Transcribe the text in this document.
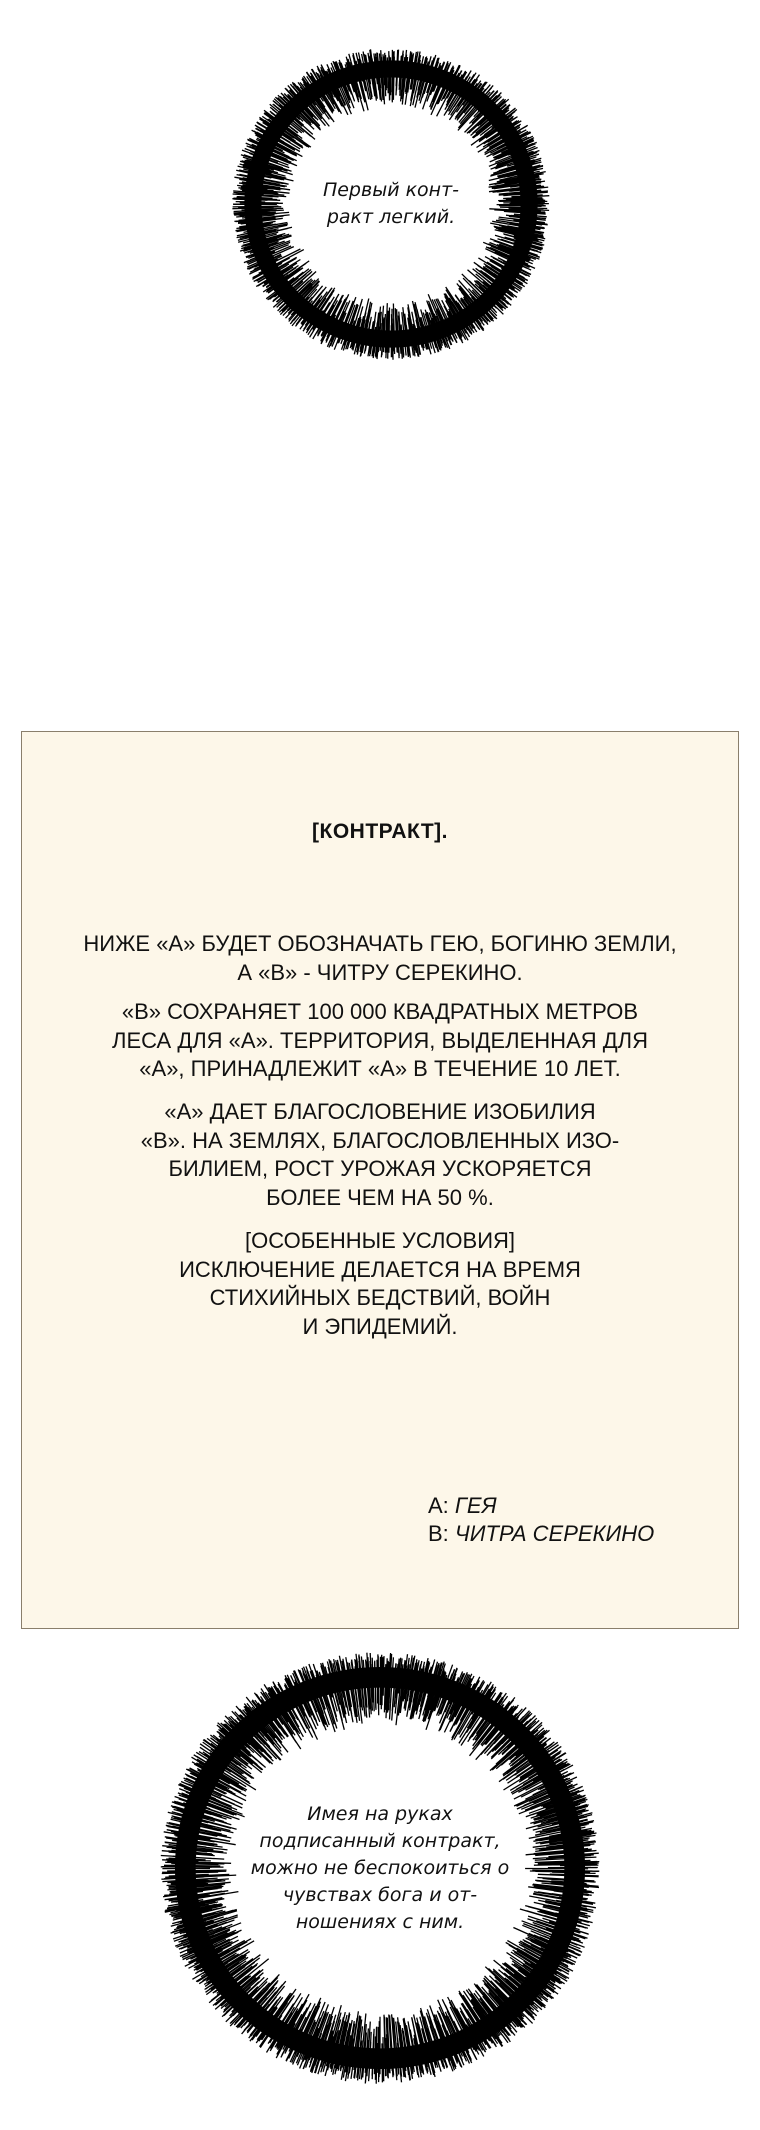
Первый конт-
ракт легкий.
[КОНТРАКТ].
НИЖЕ «А» БУДЕТ ОБОЗНАЧАТЬ ГЕЮ, БОГИНЮ ЗЕМЛИ,
А «В» - ЧИТРУ СЕРЕКИНО.
«В» СОХРАНЯЕТ 100 000 КВАДРАТНЫХ МЕТРОВ
ЛЕСА ДЛЯ «А». ТЕРРИТОРИЯ, ВЫДЕЛЕННАЯ ДЛЯ
«А», ПРИНАДЛЕЖИТ «А» В ТЕЧЕНИЕ 10 ЛЕТ.
«А» ДАЕТ БЛАГОСЛОВЕНИЕ ИЗОБИЛИЯ
«В». НА ЗЕМЛЯХ, БЛАГОСЛОВЛЕННЫХ ИЗО-
БИЛИЕМ, РОСТ УРОЖАЯ УСКОРЯЕТСЯ
БОЛЕЕ ЧЕМ НА 50 %.
[ОСОБЕННЫЕ УСЛОВИЯ]
ИСКЛЮЧЕНИЕ ДЕЛАЕТСЯ НА ВРЕМЯ
СТИХИЙНЫХ БЕДСТВИЙ, ВОЙН
И ЭПИДЕМИЙ.
А: ГЕЯ
В: ЧИТРА СЕРЕКИНО
Имея на руках
подписанный контракт,
можно не беспокоиться о
чувствах бога и от-
ношениях с ним.
